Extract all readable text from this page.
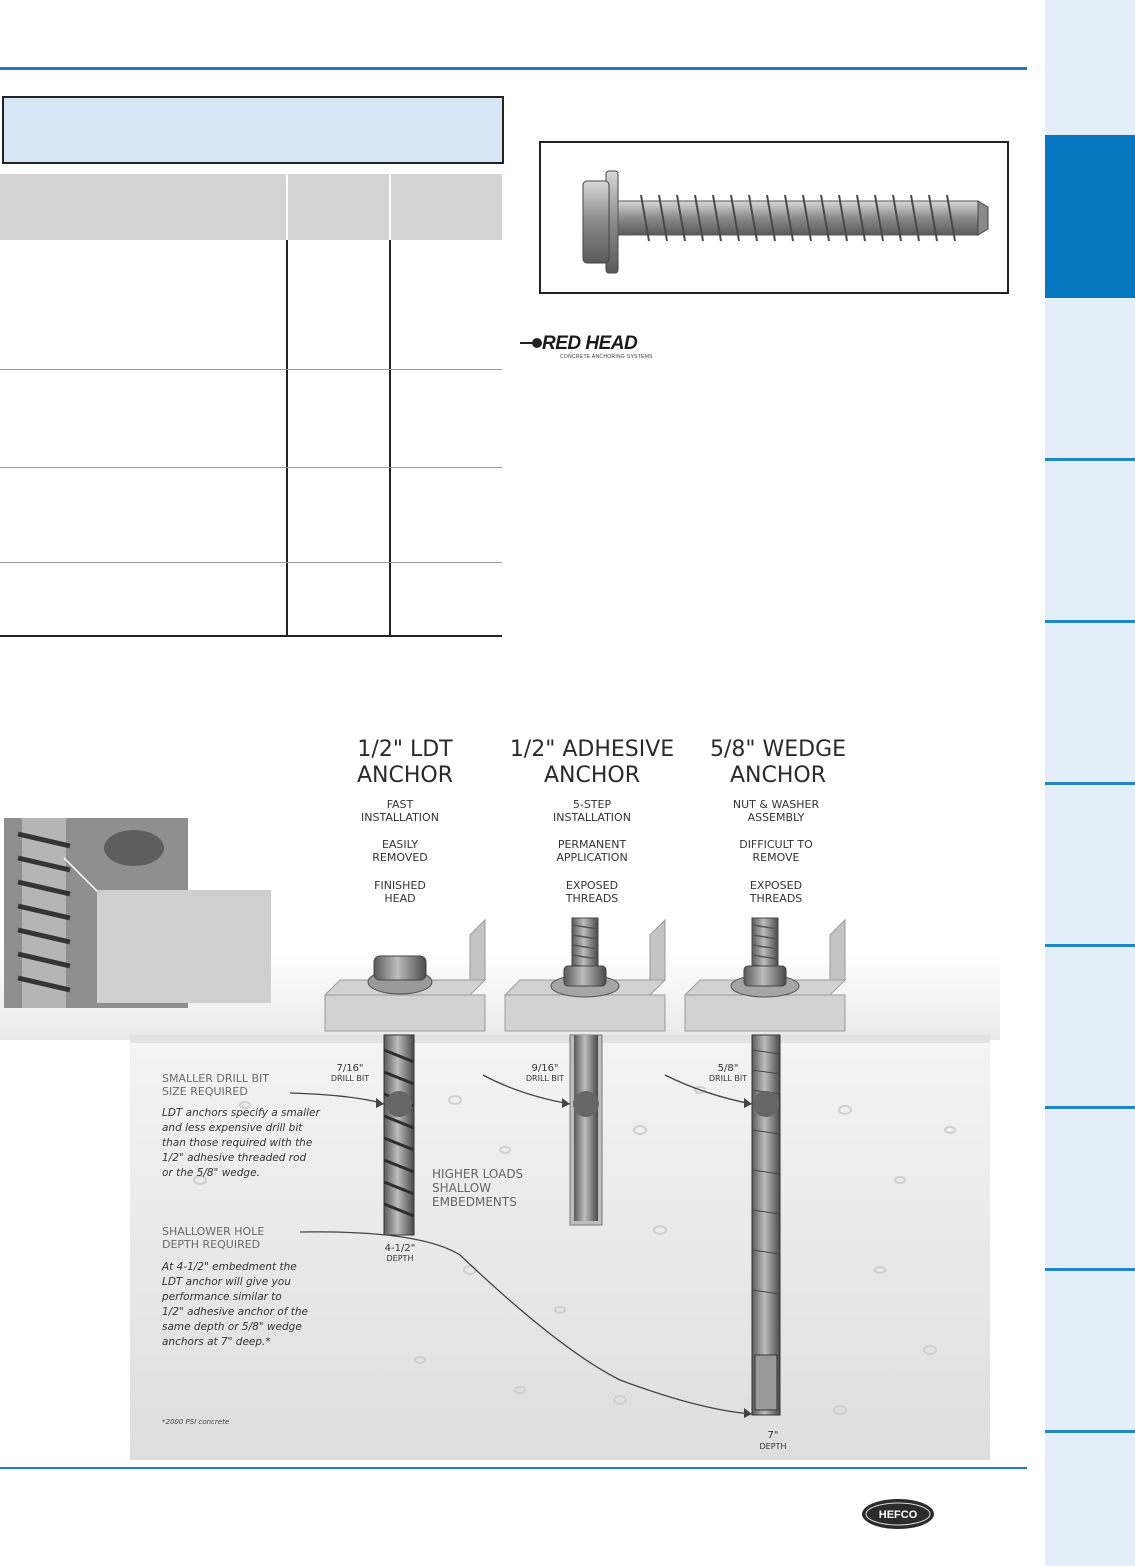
RED HEAD
CONCRETE ANCHORING SYSTEMS
1/2" LDT
ANCHOR
1/2" ADHESIVE
ANCHOR
5/8" WEDGE
ANCHOR
FAST
INSTALLATION
EASILY
REMOVED
FINISHED
HEAD
5-STEP
INSTALLATION
PERMANENT
APPLICATION
EXPOSED
THREADS
NUT & WASHER
ASSEMBLY
DIFFICULT TO
REMOVE
EXPOSED
THREADS
7/16"
DRILL BIT
9/16"
DRILL BIT
5/8"
DRILL BIT
4-1/2"
DEPTH
7"
DEPTH
HIGHER LOADS
SHALLOW
EMBEDMENTS
SMALLER DRILL BIT
SIZE REQUIRED
LDT anchors specify a smaller
and less expensive drill bit
than those required with the
1/2" adhesive threaded rod
or the 5/8" wedge.
SHALLOWER HOLE
DEPTH REQUIRED
At 4-1/2" embedment the
LDT anchor will give you
performance similar to
1/2" adhesive anchor of the
same depth or 5/8" wedge
anchors at 7" deep.*
*2000 PSI concrete
HEFCO
